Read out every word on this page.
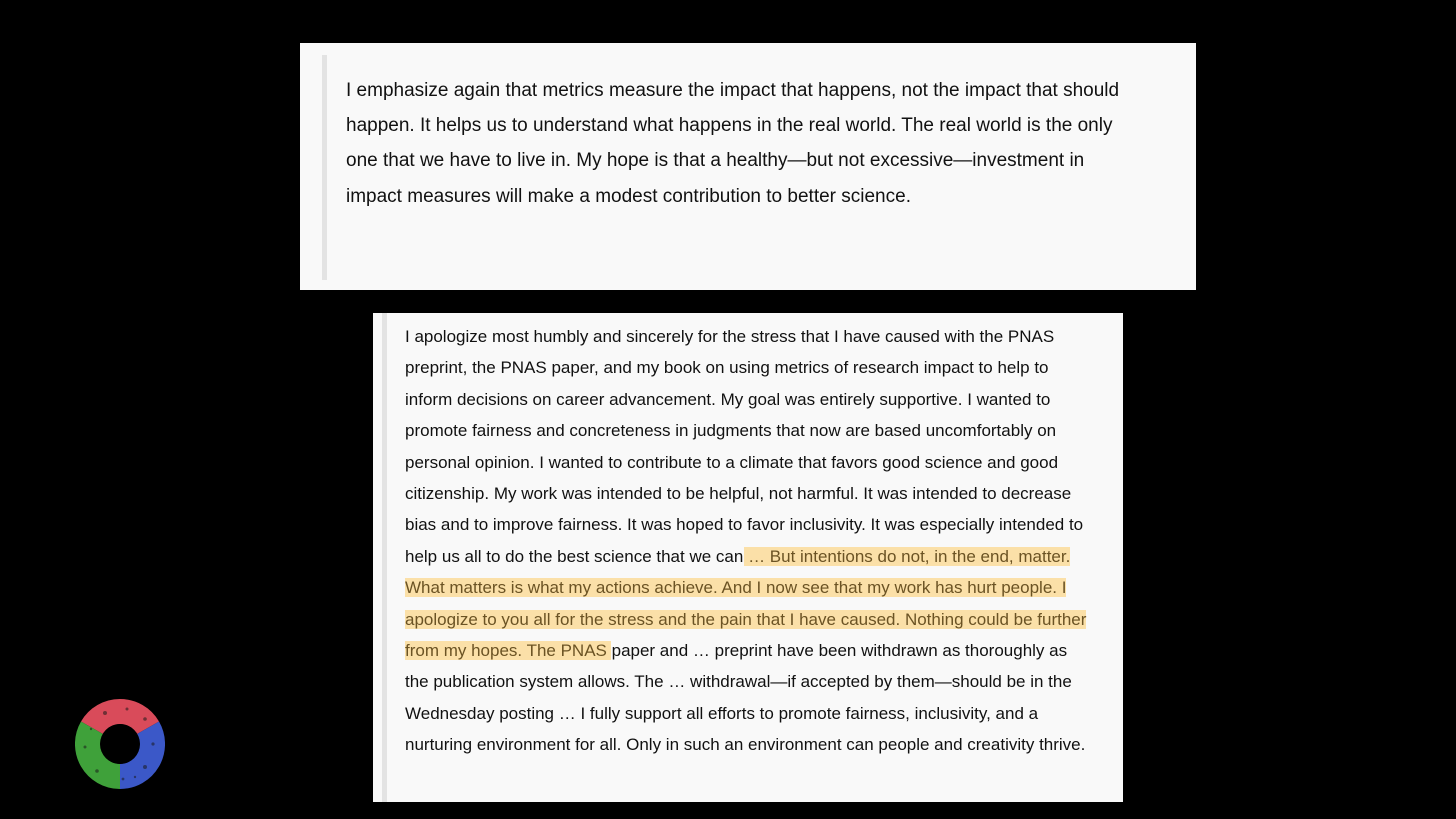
I emphasize again that metrics measure the impact that happens, not the impact that should happen. It helps us to understand what happens in the real world. The real world is the only one that we have to live in. My hope is that a healthy—but not excessive—investment in impact measures will make a modest contribution to better science.

I apologize most humbly and sincerely for the stress that I have caused with the PNAS preprint, the PNAS paper, and my book on using metrics of research impact to help to inform decisions on career advancement. My goal was entirely supportive. I wanted to promote fairness and concreteness in judgments that now are based uncomfortably on personal opinion. I wanted to contribute to a climate that favors good science and good citizenship. My work was intended to be helpful, not harmful. It was intended to decrease bias and to improve fairness. It was hoped to favor inclusivity. It was especially intended to help us all to do the best science that we can … But intentions do not, in the end, matter. What matters is what my actions achieve. And I now see that my work has hurt people. I apologize to you all for the stress and the pain that I have caused. Nothing could be further from my hopes. The PNAS paper and … preprint have been withdrawn as thoroughly as the publication system allows. The … withdrawal—if accepted by them—should be in the Wednesday posting … I fully support all efforts to promote fairness, inclusivity, and a nurturing environment for all. Only in such an environment can people and creativity thrive.
